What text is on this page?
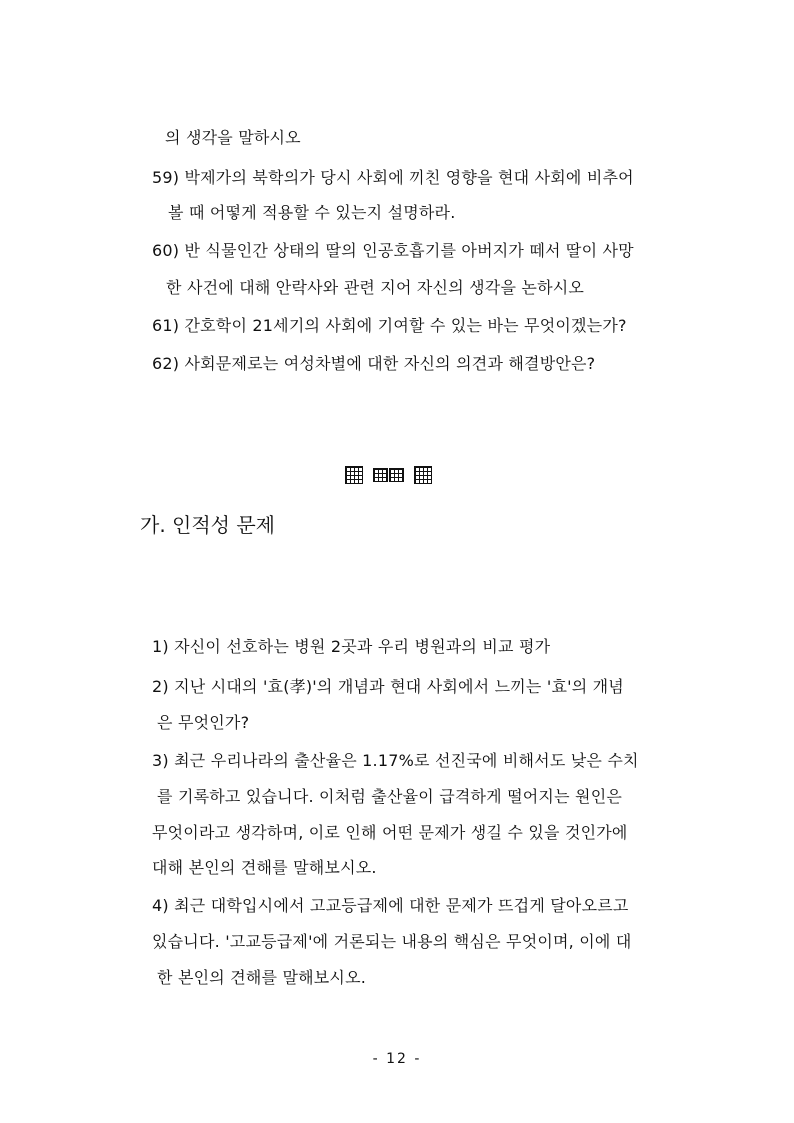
의 생각을 말하시오
59) 박제가의 북학의가 당시 사회에 끼친 영향을 현대 사회에 비추어
볼 때 어떻게 적용할 수 있는지 설명하라.
60) 반 식물인간 상태의 딸의 인공호흡기를 아버지가 떼서 딸이 사망
한 사건에 대해 안락사와 관련 지어 자신의 생각을 논하시오
61) 간호학이 21세기의 사회에 기여할 수 있는 바는 무엇이겠는가?
62) 사회문제로는 여성차별에 대한 자신의 의견과 해결방안은?
가. 인적성 문제
1) 자신이 선호하는 병원 2곳과 우리 병원과의 비교 평가
2) 지난 시대의 '효(孝)'의 개념과 현대 사회에서 느끼는 '효'의 개념
은 무엇인가?
3) 최근 우리나라의 출산율은 1.17%로 선진국에 비해서도 낮은 수치
를 기록하고 있습니다. 이처럼 출산율이 급격하게 떨어지는 원인은
무엇이라고 생각하며, 이로 인해 어떤 문제가 생길 수 있을 것인가에
대해 본인의 견해를 말해보시오.
4) 최근 대학입시에서 고교등급제에 대한 문제가 뜨겁게 달아오르고
있습니다. '고교등급제'에 거론되는 내용의 핵심은 무엇이며, 이에 대
한 본인의 견해를 말해보시오.
- 12 -
